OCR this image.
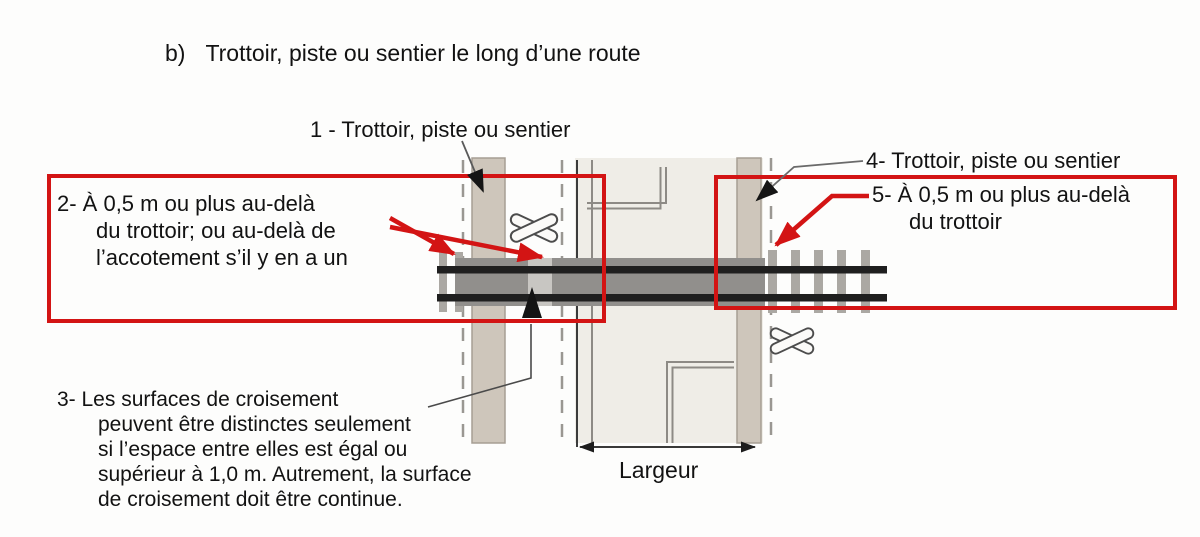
b) Trottoir, piste ou sentier le long d’une route
1 - Trottoir, piste ou sentier
2- À 0,5 m ou plus au-delà
du trottoir; ou au-delà de
l’accotement s’il y en a un
3- Les surfaces de croisement
peuvent être distinctes seulement
si l’espace entre elles est égal ou
supérieur à 1,0 m. Autrement, la surface
de croisement doit être continue.
4- Trottoir, piste ou sentier
5- À 0,5 m ou plus au-delà
du trottoir
Largeur
